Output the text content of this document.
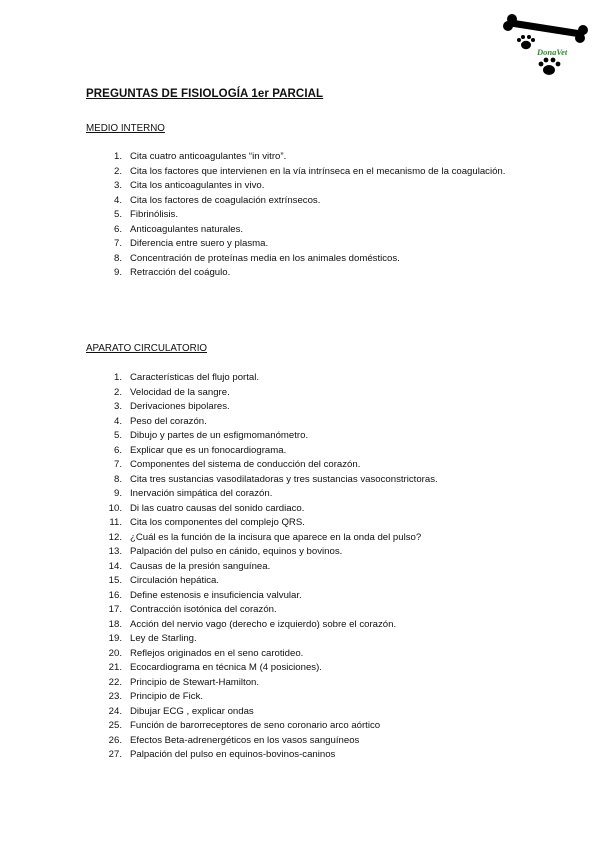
DonaVet
PREGUNTAS DE FISIOLOGÍA 1er PARCIAL
MEDIO INTERNO
1. Cita cuatro anticoagulantes “in vitro”.
2. Cita los factores que intervienen en la vía intrínseca en el mecanismo de la coagulación.
3. Cita los anticoagulantes in vivo.
4. Cita los factores de coagulación extrínsecos.
5. Fibrinólisis.
6. Anticoagulantes naturales.
7. Diferencia entre suero y plasma.
8. Concentración de proteínas media en los animales domésticos.
9. Retracción del coágulo.
APARATO CIRCULATORIO
1. Características del flujo portal.
2. Velocidad de la sangre.
3. Derivaciones bipolares.
4. Peso del corazón.
5. Dibujo y partes de un esfigmomanómetro.
6. Explicar que es un fonocardiograma.
7. Componentes del sistema de conducción del corazón.
8. Cita tres sustancias vasodilatadoras y tres sustancias vasoconstrictoras.
9. Inervación simpática del corazón.
10. Di las cuatro causas del sonido cardiaco.
11. Cita los componentes del complejo QRS.
12. ¿Cuál es la función de la incisura que aparece en la onda del pulso?
13. Palpación del pulso en cánido, equinos y bovinos.
14. Causas de la presión sanguínea.
15. Circulación hepática.
16. Define estenosis e insuficiencia valvular.
17. Contracción isotónica del corazón.
18. Acción del nervio vago (derecho e izquierdo) sobre el corazón.
19. Ley de Starling.
20. Reflejos originados en el seno carotideo.
21. Ecocardiograma en técnica M (4 posiciones).
22. Principio de Stewart-Hamilton.
23. Principio de Fick.
24. Dibujar ECG , explicar ondas
25. Función de barorreceptores de seno coronario arco aórtico
26. Efectos Beta-adrenergéticos en los vasos sanguíneos
27. Palpación del pulso en equinos-bovinos-caninos
